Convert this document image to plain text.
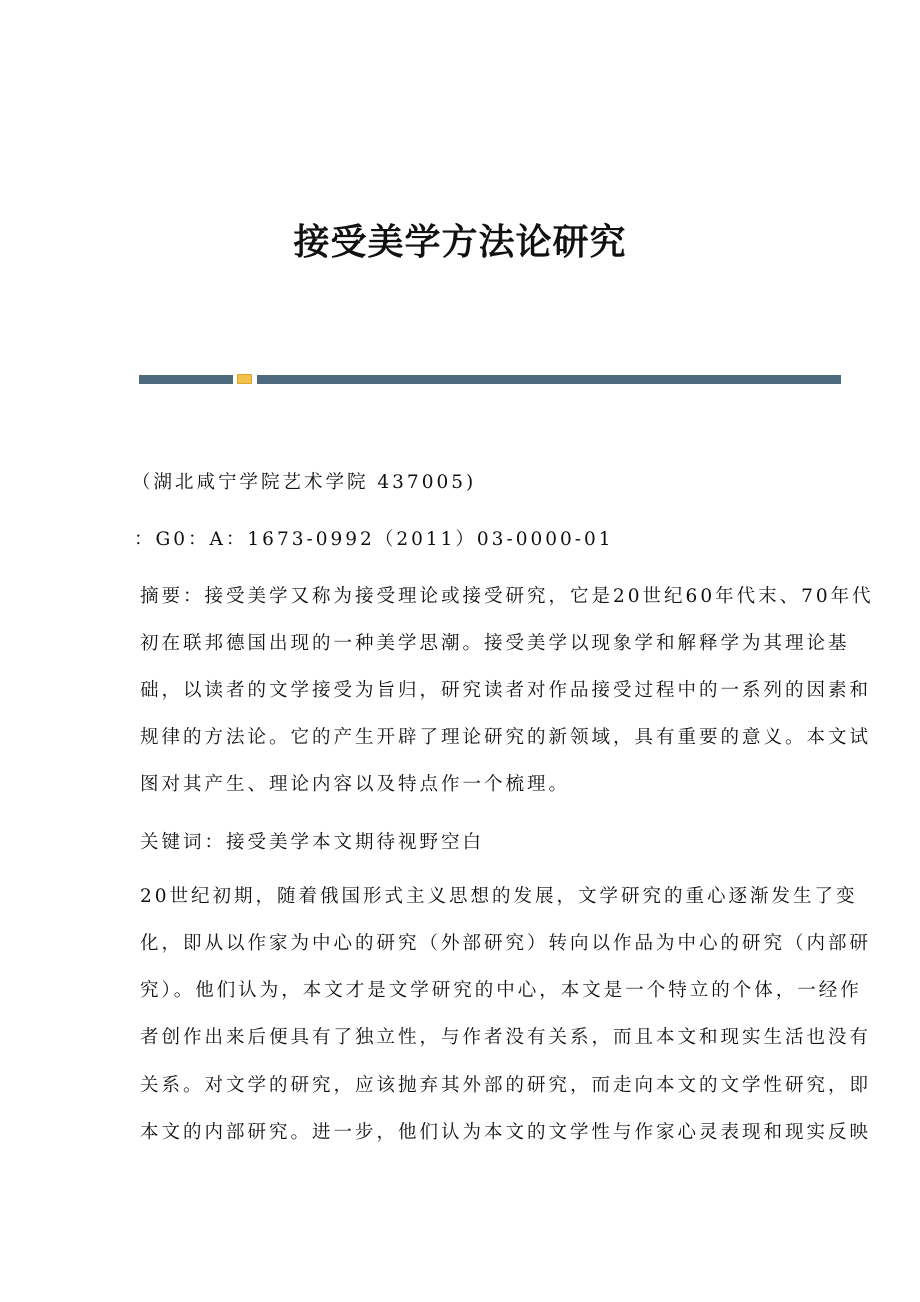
接受美学方法论研究
（湖北咸宁学院艺术学院 437005)
：G0：A：1673-0992（2011）03-0000-01
摘要：接受美学又称为接受理论或接受研究，它是20世纪60年代末、70年代
初在联邦德国出现的一种美学思潮。接受美学以现象学和解释学为其理论基
础，以读者的文学接受为旨归，研究读者对作品接受过程中的一系列的因素和
规律的方法论。它的产生开辟了理论研究的新领域，具有重要的意义。本文试
图对其产生、理论内容以及特点作一个梳理。
关键词：接受美学本文期待视野空白
20世纪初期，随着俄国形式主义思想的发展，文学研究的重心逐渐发生了变
化，即从以作家为中心的研究（外部研究）转向以作品为中心的研究（内部研
究）。他们认为，本文才是文学研究的中心，本文是一个特立的个体，一经作
者创作出来后便具有了独立性，与作者没有关系，而且本文和现实生活也没有
关系。对文学的研究，应该抛弃其外部的研究，而走向本文的文学性研究，即
本文的内部研究。进一步，他们认为本文的文学性与作家心灵表现和现实反映
